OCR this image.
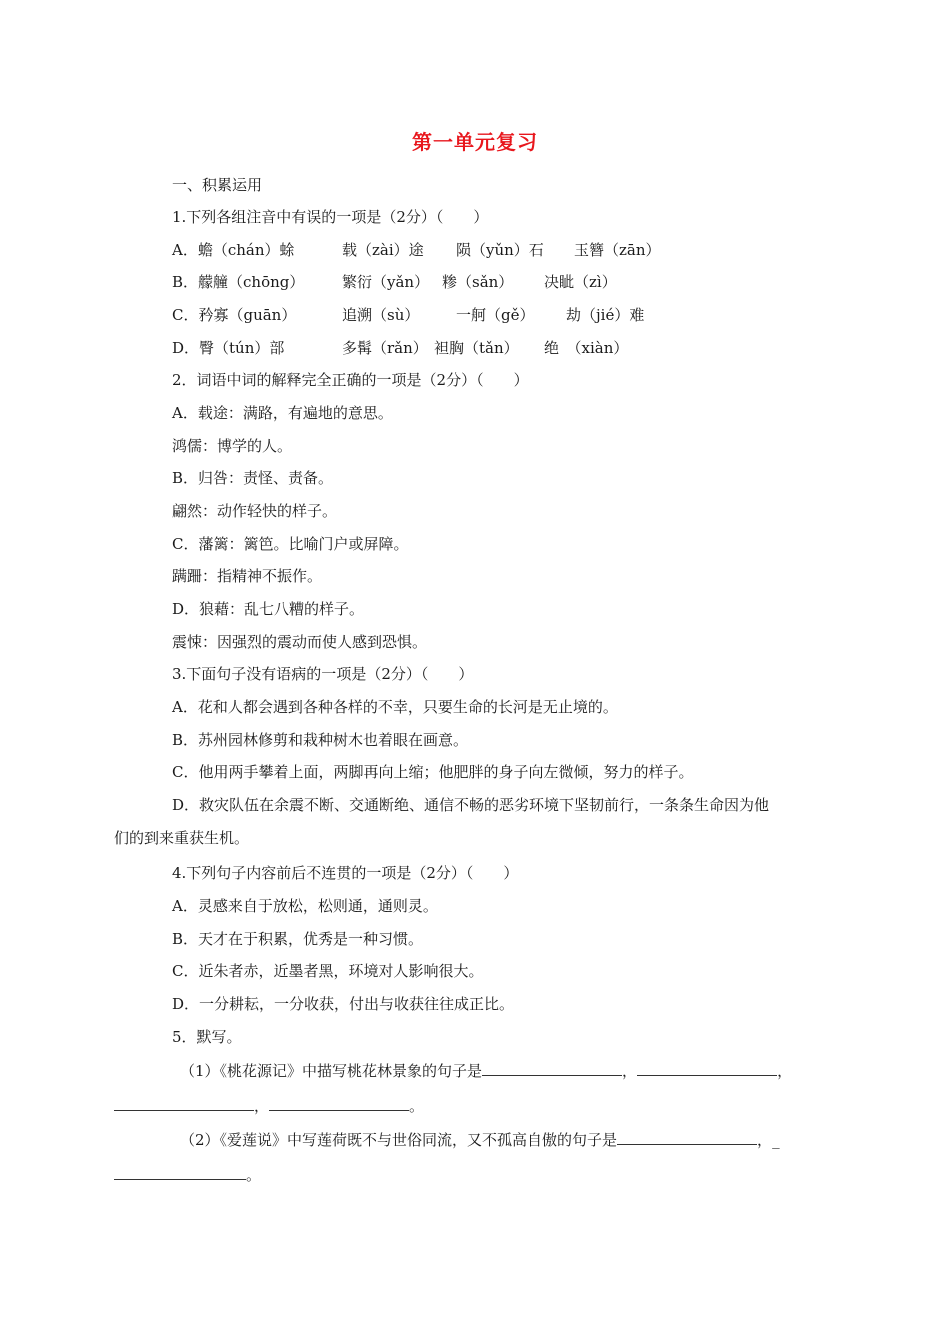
第一单元复习
一、积累运用
1.下列各组注音中有误的一项是（2分）（　　）
A．蟾（chán）蜍	载（zài）途 陨（yǔn）石 玉簪（zān）
B．艨艟（chōng）	繁衍（yǎn） 糁（sǎn） 决眦（zì）
C．矜寡（guān）	追溯（sù） 一舸（gě） 劫（jié）难
D．臀（tún）部	多髯（rǎn） 袒胸（tǎn） 绝　（xiàn）
2．词语中词的解释完全正确的一项是（2分）（　　）
A．载途：满路，有遍地的意思。
鸿儒：博学的人。
B．归咎：责怪、责备。
翩然：动作轻快的样子。
C．藩篱：篱笆。比喻门户或屏障。
蹒跚：指精神不振作。
D．狼藉：乱七八糟的样子。
震悚：因强烈的震动而使人感到恐惧。
3.下面句子没有语病的一项是（2分）（　　）
A．花和人都会遇到各种各样的不幸，只要生命的长河是无止境的。
B．苏州园林修剪和栽种树木也着眼在画意。
C．他用两手攀着上面，两脚再向上缩；他肥胖的身子向左微倾，努力的样子。
D．救灾队伍在余震不断、交通断绝、通信不畅的恶劣环境下坚韧前行，一条条生命因为他
们的到来重获生机。
4.下列句子内容前后不连贯的一项是（2分）（　　）
A．灵感来自于放松，松则通，通则灵。
B．天才在于积累，优秀是一种习惯。
C．近朱者赤，近墨者黑，环境对人影响很大。
D．一分耕耘，一分收获，付出与收获往往成正比。
5．默写。
（1）《桃花源记》中描写桃花林景象的句子是	，	，
，	。
（2）《爱莲说》中写莲荷既不与世俗同流，又不孤高自傲的句子是	，_
。
